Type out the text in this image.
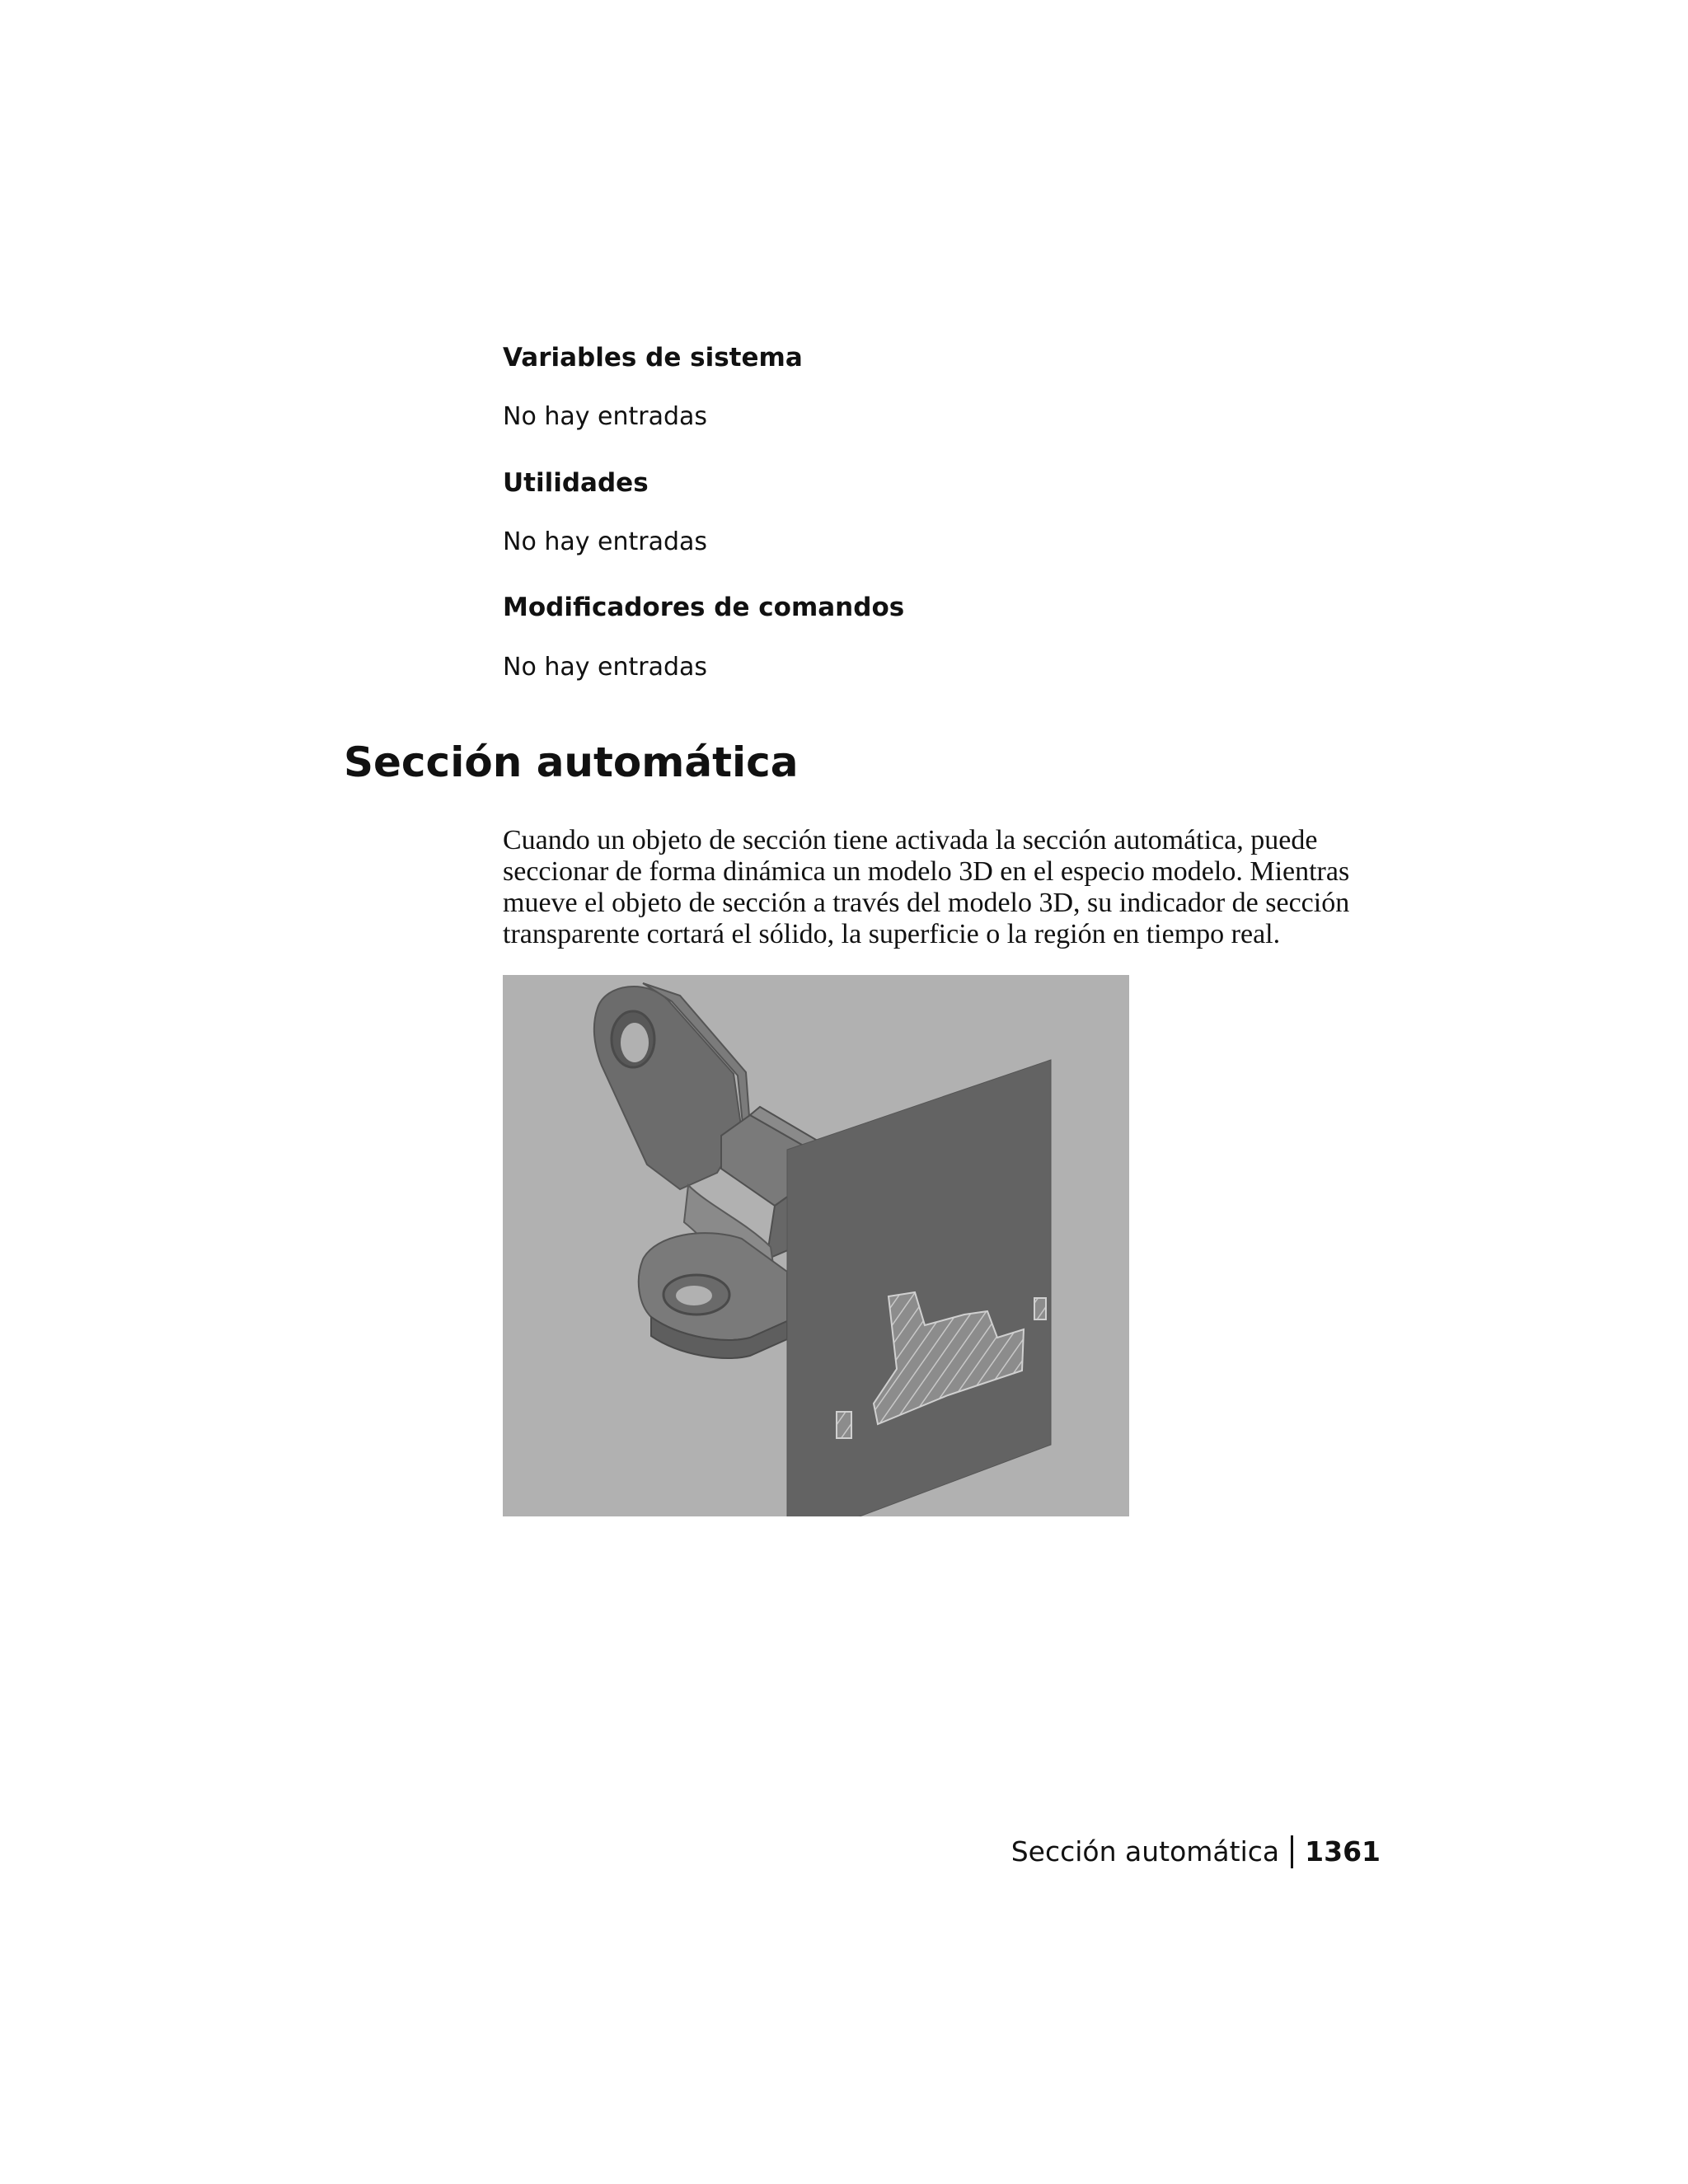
Variables de sistema

No hay entradas

Utilidades

No hay entradas

Modificadores de comandos

No hay entradas

Sección automática

Cuando un objeto de sección tiene activada la sección automática, puede seccionar de forma dinámica un modelo 3D en el especio modelo. Mientras mueve el objeto de sección a través del modelo 3D, su indicador de sección transparente cortará el sólido, la superficie o la región en tiempo real.

Sección automática 1361
